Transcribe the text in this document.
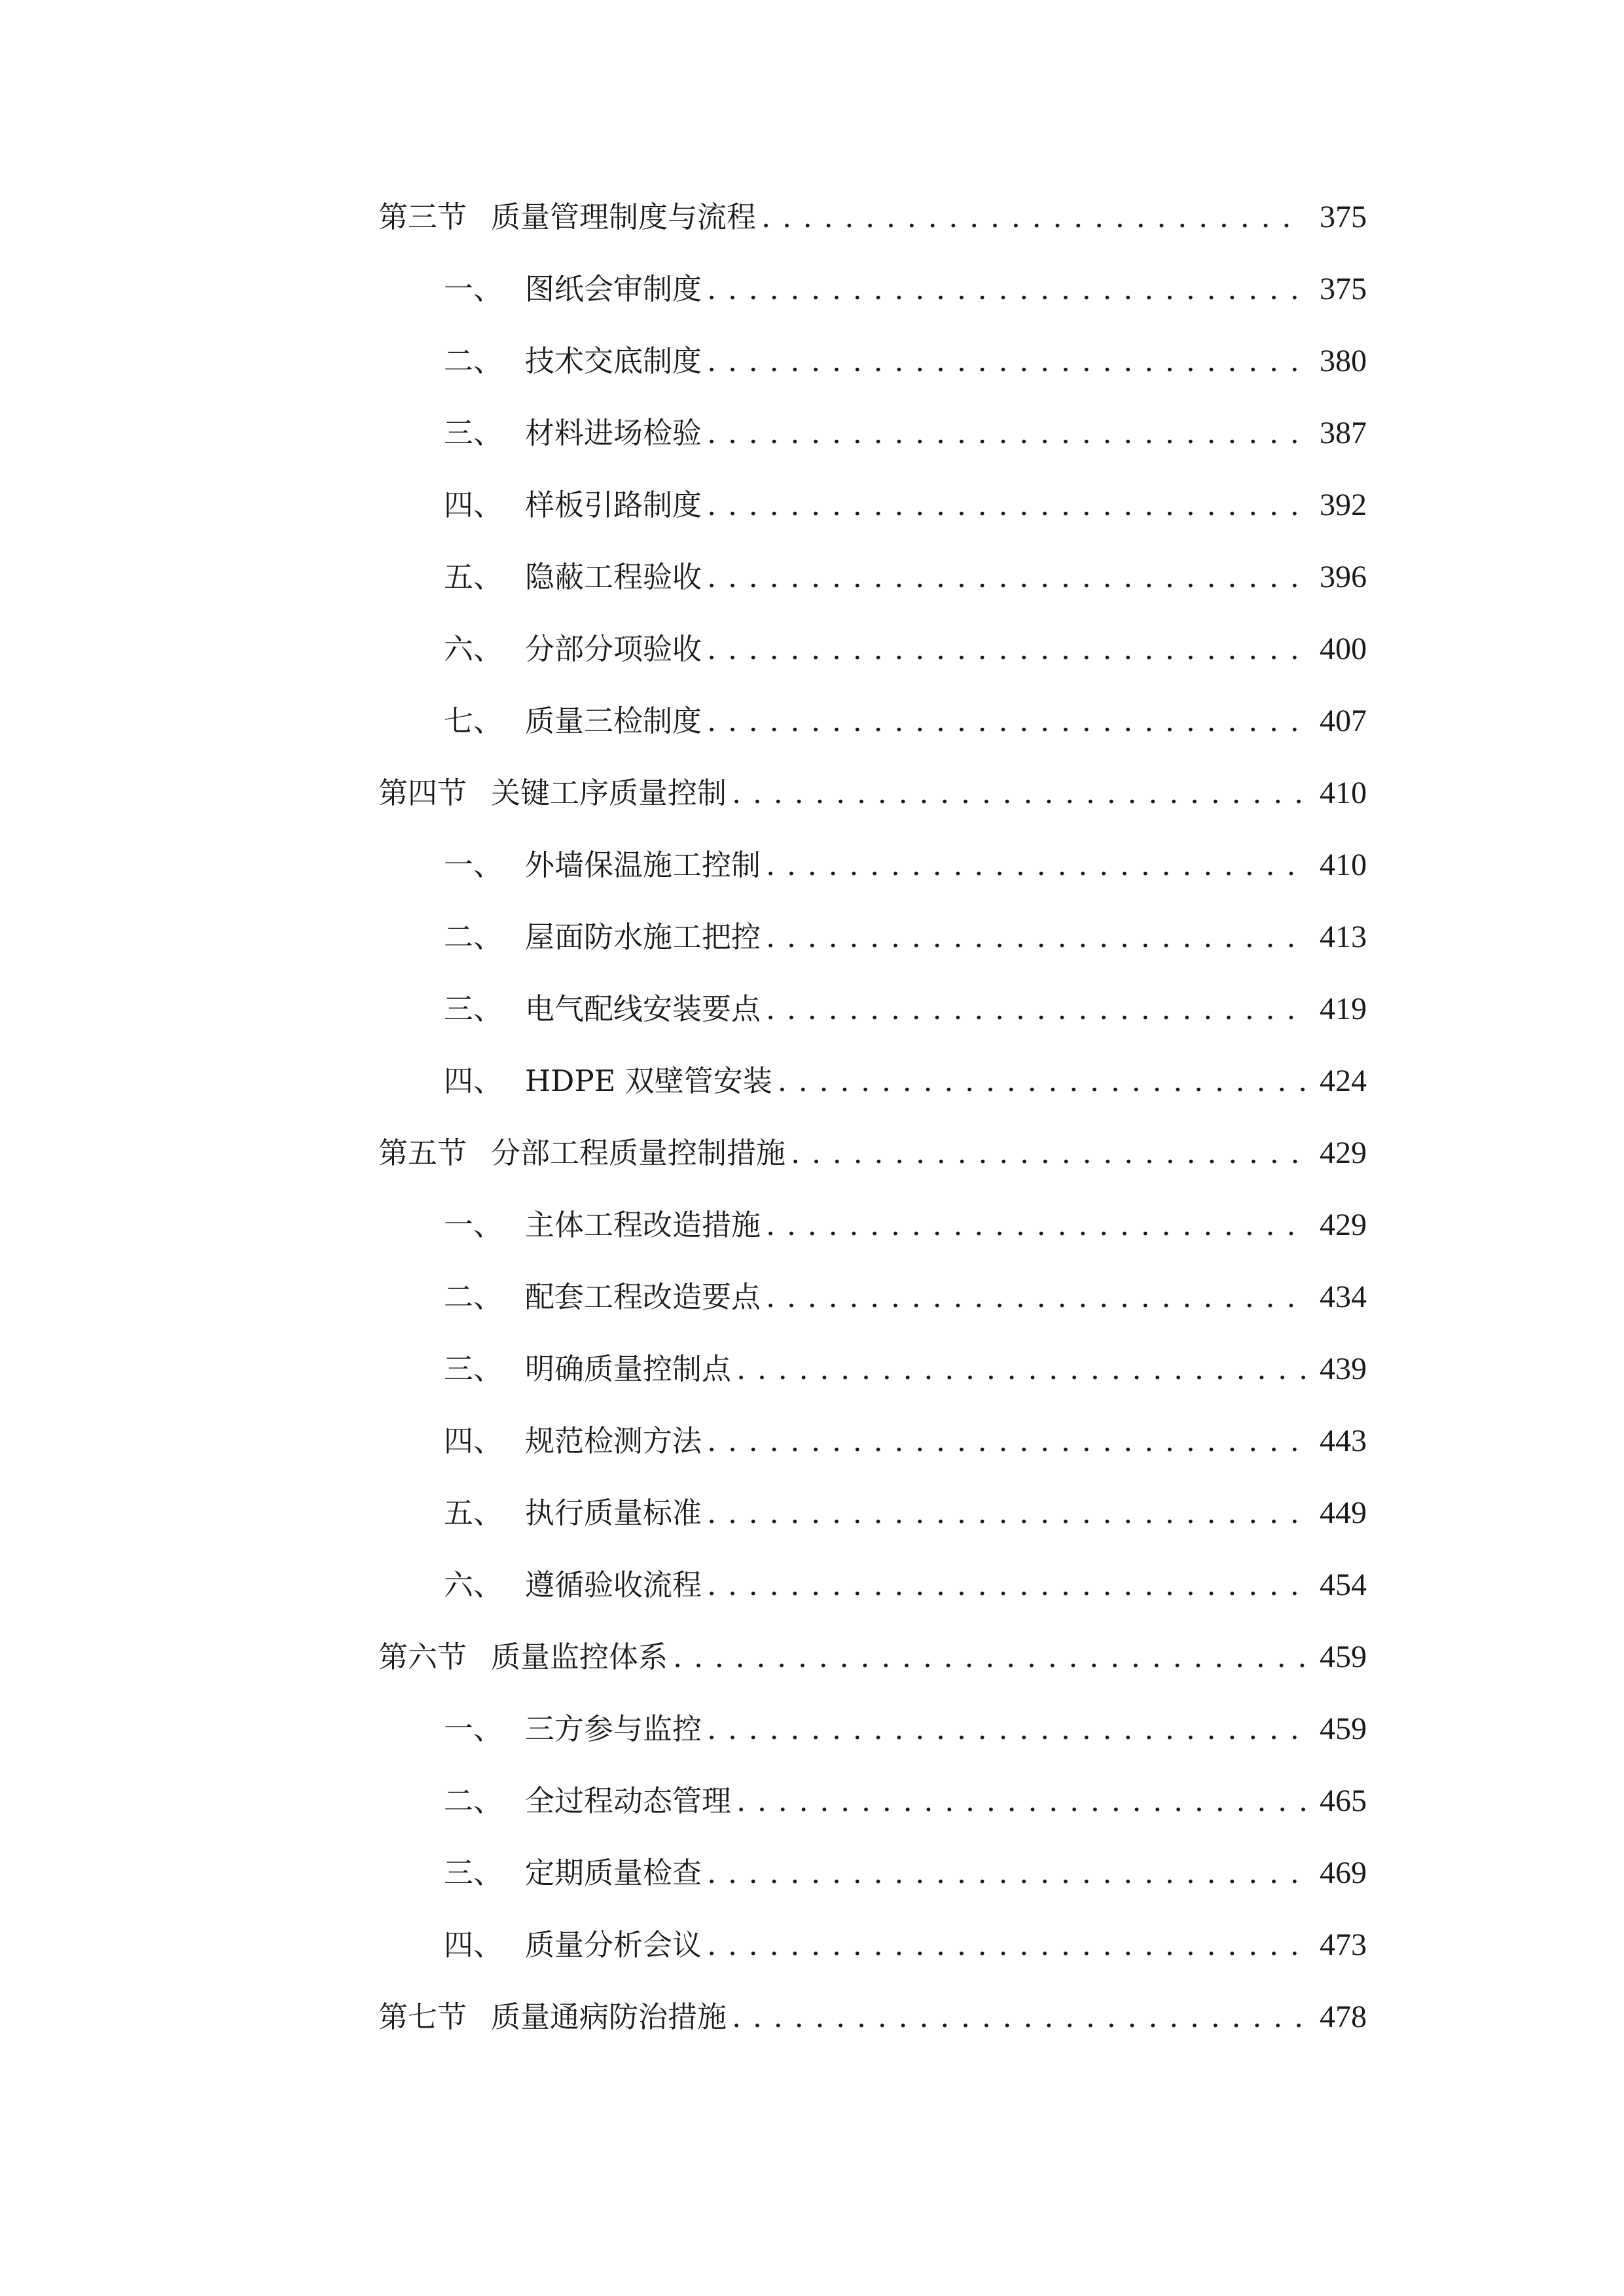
第三节 质量管理制度与流程 . . .	375
一、 图纸会审制度 . . .	375
二、 技术交底制度 . . .	380
三、 材料进场检验 . . .	387
四、 样板引路制度 . . .	392
五、 隐蔽工程验收 . . .	396
六、 分部分项验收 . . .	400
七、 质量三检制度 . . .	407
第四节 关键工序质量控制 . . .	410
一、 外墙保温施工控制 . . .	410
二、 屋面防水施工把控 . . .	413
三、 电气配线安装要点 . . .	419
四、 HDPE 双壁管安装 . . .	424
第五节 分部工程质量控制措施 . . .	429
一、 主体工程改造措施 . . .	429
二、 配套工程改造要点 . . .	434
三、 明确质量控制点 . . .	439
四、 规范检测方法 . . .	443
五、 执行质量标准 . . .	449
六、 遵循验收流程 . . .	454
第六节 质量监控体系 . . .	459
一、 三方参与监控 . . .	459
二、 全过程动态管理 . . .	465
三、 定期质量检查 . . .	469
四、 质量分析会议 . . .	473
第七节 质量通病防治措施 . . .	478
